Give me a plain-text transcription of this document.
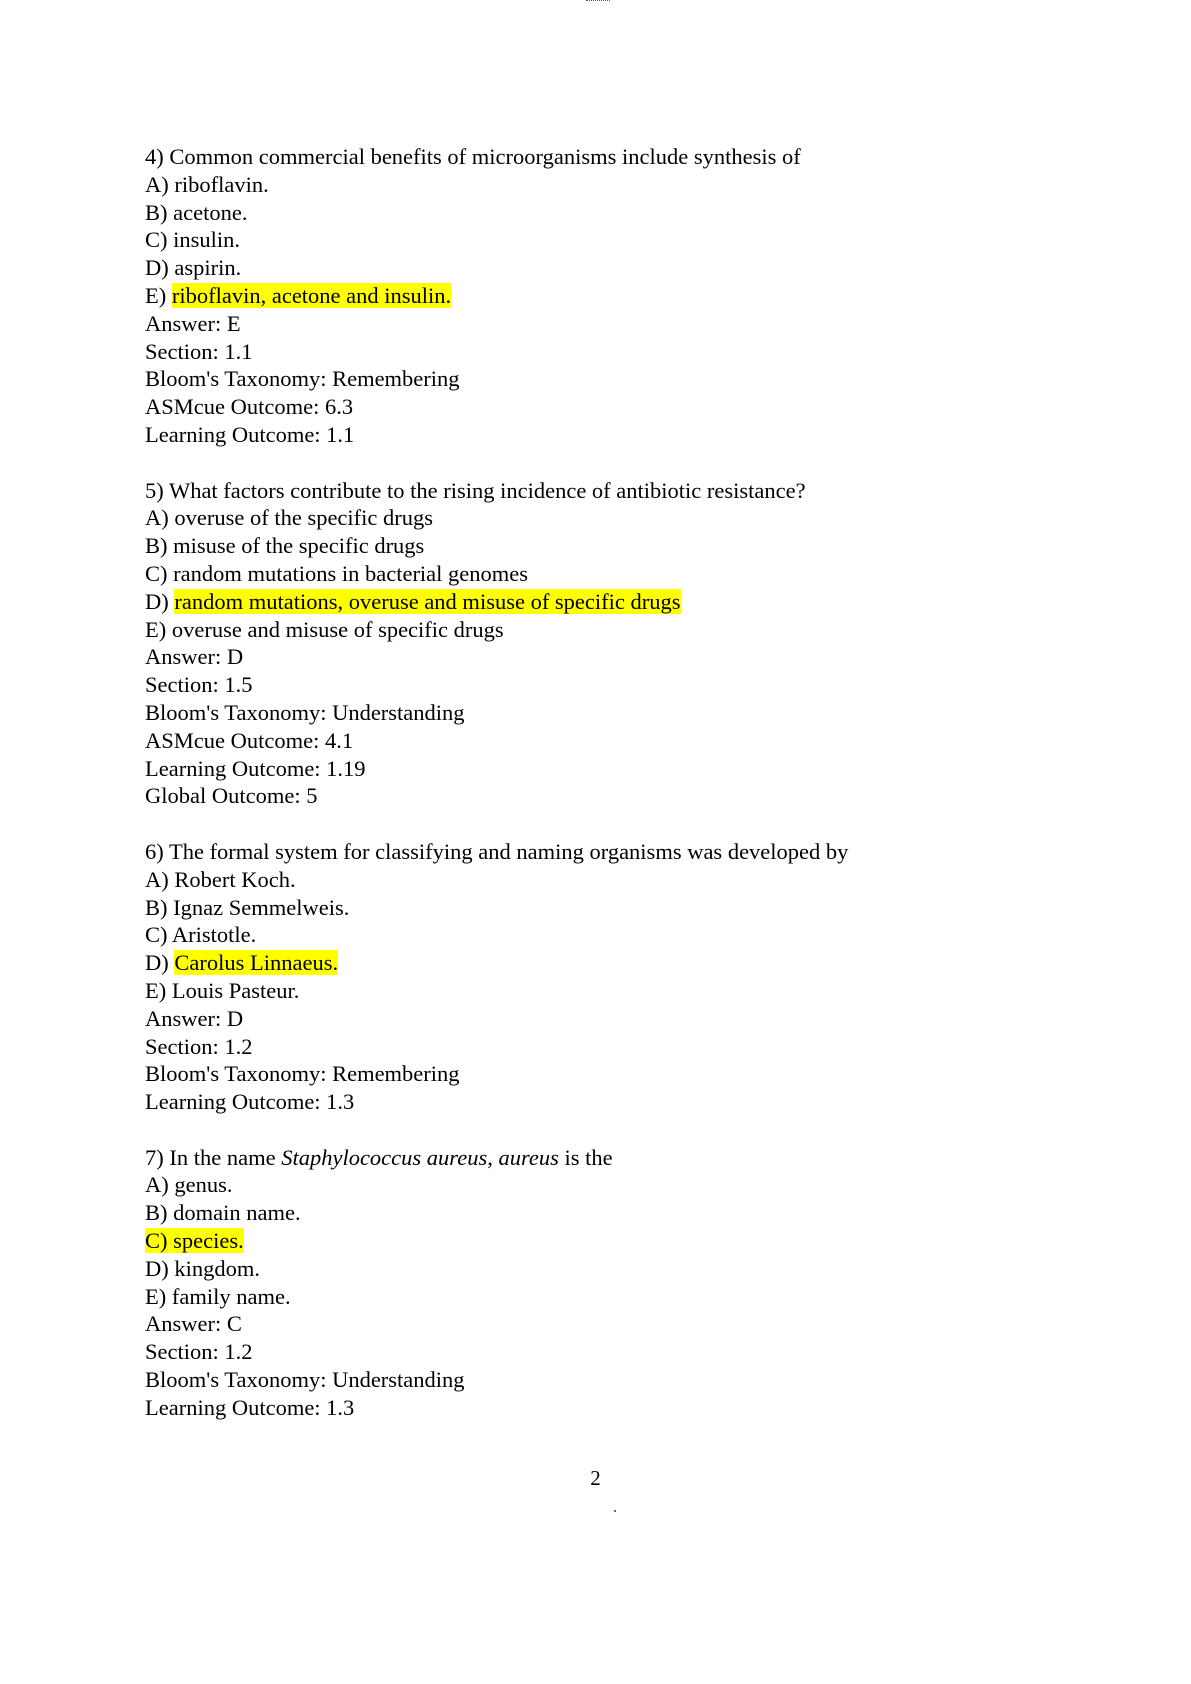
4) Common commercial benefits of microorganisms include synthesis of
A) riboflavin.
B) acetone.
C) insulin.
D) aspirin.
E) riboflavin, acetone and insulin.
Answer: E
Section: 1.1
Bloom's Taxonomy: Remembering
ASMcue Outcome: 6.3
Learning Outcome: 1.1
5) What factors contribute to the rising incidence of antibiotic resistance?
A) overuse of the specific drugs
B) misuse of the specific drugs
C) random mutations in bacterial genomes
D) random mutations, overuse and misuse of specific drugs
E) overuse and misuse of specific drugs
Answer: D
Section: 1.5
Bloom's Taxonomy: Understanding
ASMcue Outcome: 4.1
Learning Outcome: 1.19
Global Outcome: 5
6) The formal system for classifying and naming organisms was developed by
A) Robert Koch.
B) Ignaz Semmelweis.
C) Aristotle.
D) Carolus Linnaeus.
E) Louis Pasteur.
Answer: D
Section: 1.2
Bloom's Taxonomy: Remembering
Learning Outcome: 1.3
7) In the name Staphylococcus aureus, aureus is the
A) genus.
B) domain name.
C) species.
D) kingdom.
E) family name.
Answer: C
Section: 1.2
Bloom's Taxonomy: Understanding
Learning Outcome: 1.3
2
